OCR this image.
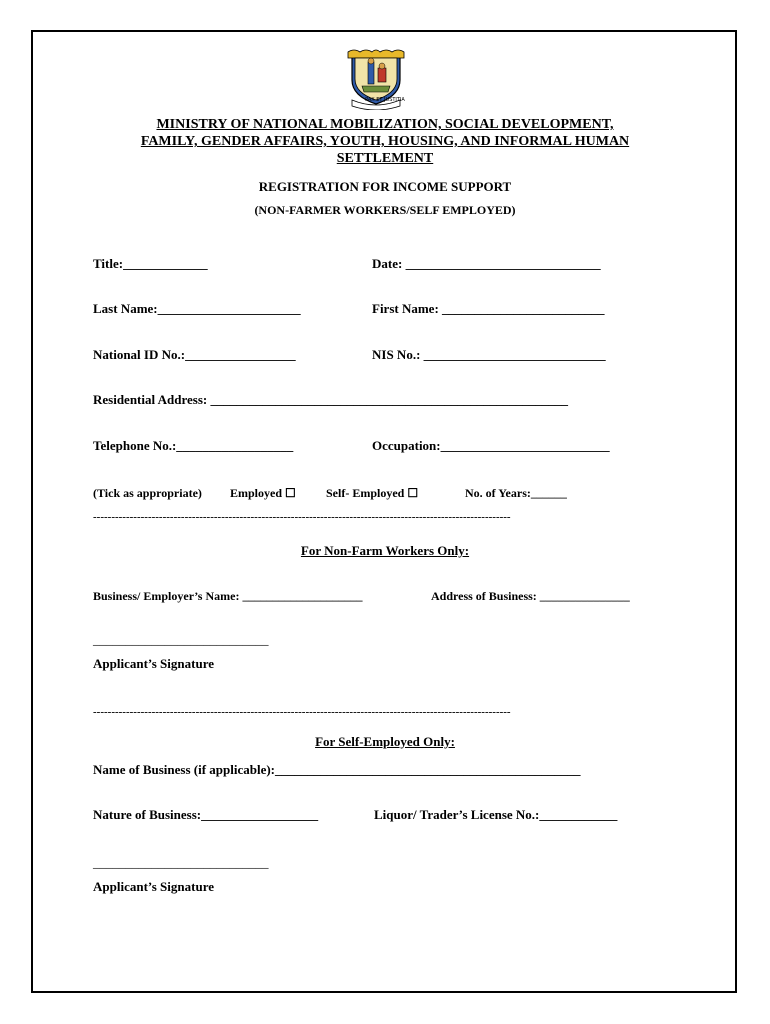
PAX ET JUSTITIA
MINISTRY OF NATIONAL MOBILIZATION, SOCIAL DEVELOPMENT,
FAMILY, GENDER AFFAIRS, YOUTH, HOUSING, AND INFORMAL HUMAN
SETTLEMENT
REGISTRATION FOR INCOME SUPPORT
(NON-FARMER WORKERS/SELF EMPLOYED)
Title:_____________	Date: ______________________________
Last Name:______________________	First Name: _________________________
National ID No.:_________________	NIS No.: ____________________________
Residential Address: _______________________________________________________
Telephone No.:__________________	Occupation:__________________________
(Tick as appropriate) Employed ☐	Self- Employed ☐	No. of Years:______
------------------------------------------------------------------------------------------------------------------
For Non-Farm Workers Only:
Business/ Employer’s Name: ____________________	Address of Business: _______________
___________________________
Applicant’s Signature
------------------------------------------------------------------------------------------------------------------
For Self-Employed Only:
Name of Business (if applicable):_______________________________________________
Nature of Business:__________________	Liquor/ Trader’s License No.:____________
___________________________
Applicant’s Signature
